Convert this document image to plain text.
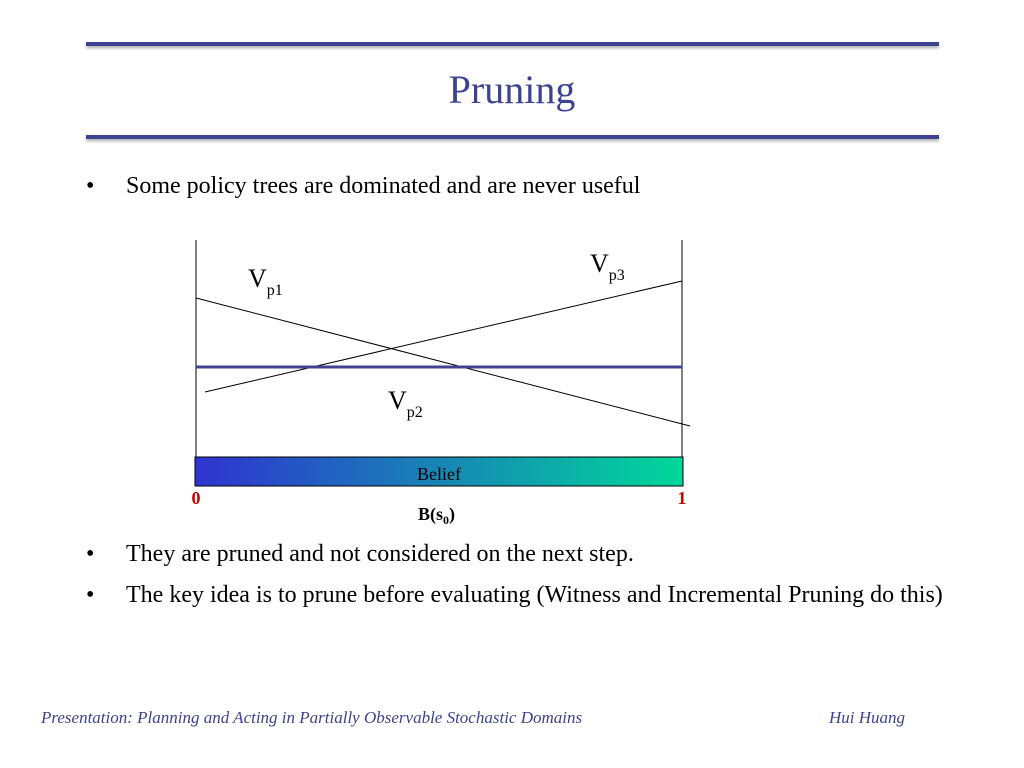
Pruning
• Some policy trees are dominated and are never useful
$V_{p1}$
$V_{p3}$
$V_{p2}$
Belief
0	1
$B(s_0)$
• They are pruned and not considered on the next step.
• The key idea is to prune before evaluating (Witness and Incremental Pruning do this)
Presentation: Planning and Acting in Partially Observable Stochastic Domains	Hui Huang
